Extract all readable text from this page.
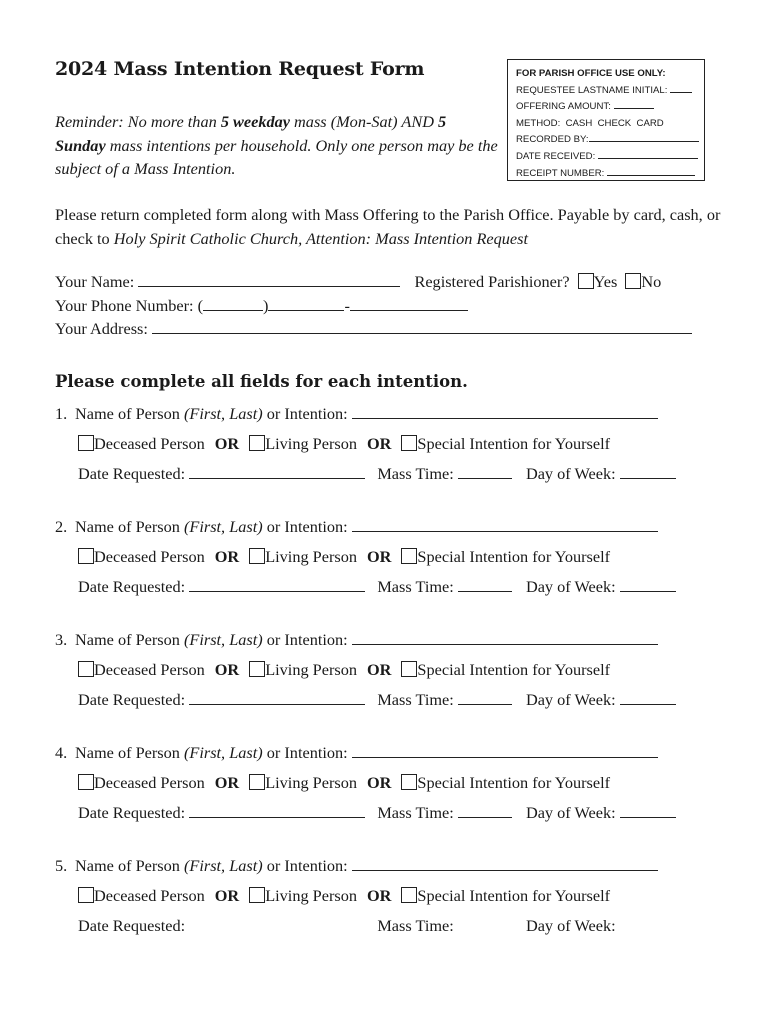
2024 Mass Intention Request Form
Reminder: No more than 5 weekday mass (Mon-Sat) AND 5 Sunday mass intentions per household. Only one person may be the subject of a Mass Intention.
FOR PARISH OFFICE USE ONLY:
REQUESTEE LASTNAME INITIAL:
OFFERING AMOUNT:
METHOD: CASH CHECK CARD
RECORDED BY:
DATE RECEIVED:
RECEIPT NUMBER:
Please return completed form along with Mass Offering to the Parish Office. Payable by card, cash, or check to Holy Spirit Catholic Church, Attention: Mass Intention Request
Your Name:	Registered Parishioner? Yes No
Your Phone Number: (	)	-
Your Address:
Please complete all fields for each intention.
1. Name of Person (First, Last) or Intention:
Deceased Person OR Living Person OR Special Intention for Yourself
Date Requested:	Mass Time:	Day of Week:
2. Name of Person (First, Last) or Intention:
Deceased Person OR Living Person OR Special Intention for Yourself
Date Requested:	Mass Time:	Day of Week:
3. Name of Person (First, Last) or Intention:
Deceased Person OR Living Person OR Special Intention for Yourself
Date Requested:	Mass Time:	Day of Week:
4. Name of Person (First, Last) or Intention:
Deceased Person OR Living Person OR Special Intention for Yourself
Date Requested:	Mass Time:	Day of Week:
5. Name of Person (First, Last) or Intention:
Deceased Person OR Living Person OR Special Intention for Yourself
Date Requested:	Mass Time:	Day of Week:
